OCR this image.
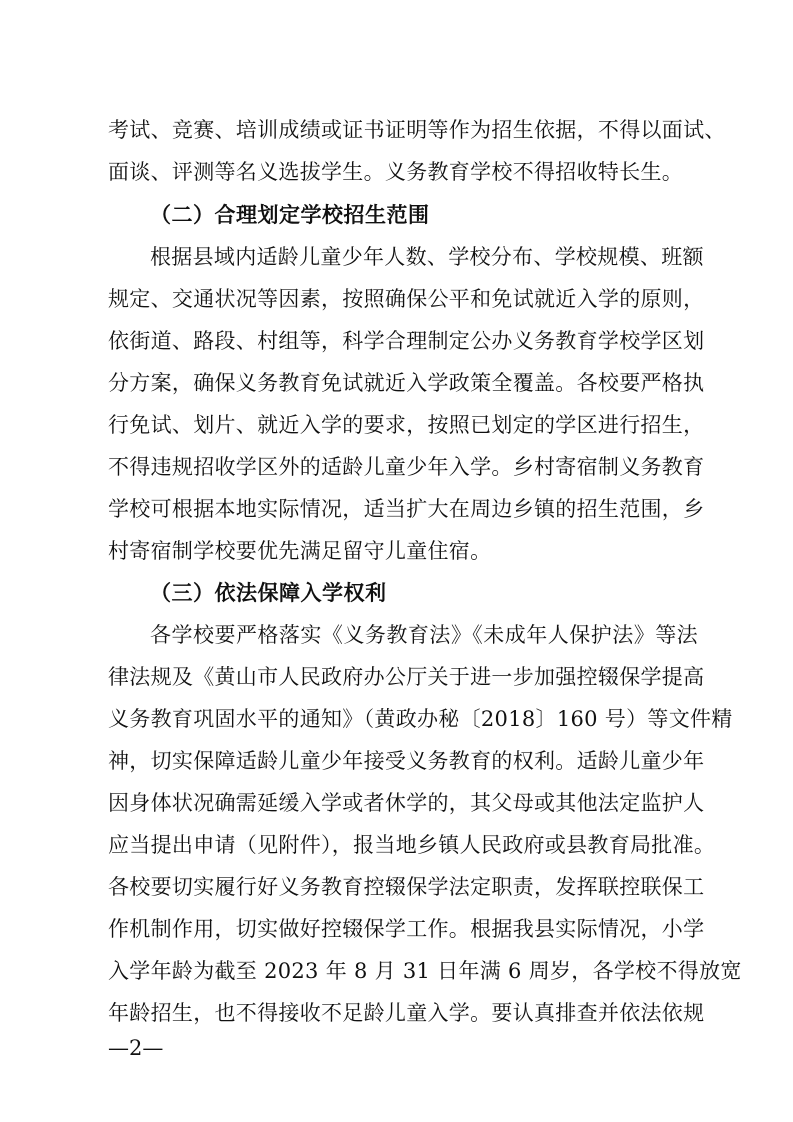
考试、竞赛、培训成绩或证书证明等作为招生依据，不得以面试、
面谈、评测等名义选拔学生。义务教育学校不得招收特长生。
（二）合理划定学校招生范围
根据县域内适龄儿童少年人数、学校分布、学校规模、班额
规定、交通状况等因素，按照确保公平和免试就近入学的原则，
依街道、路段、村组等，科学合理制定公办义务教育学校学区划
分方案，确保义务教育免试就近入学政策全覆盖。各校要严格执
行免试、划片、就近入学的要求，按照已划定的学区进行招生，
不得违规招收学区外的适龄儿童少年入学。乡村寄宿制义务教育
学校可根据本地实际情况，适当扩大在周边乡镇的招生范围，乡
村寄宿制学校要优先满足留守儿童住宿。
（三）依法保障入学权利
各学校要严格落实《义务教育法》《未成年人保护法》等法
律法规及《黄山市人民政府办公厅关于进一步加强控辍保学提高
义务教育巩固水平的通知》（黄政办秘〔2018〕160 号）等文件精
神，切实保障适龄儿童少年接受义务教育的权利。适龄儿童少年
因身体状况确需延缓入学或者休学的，其父母或其他法定监护人
应当提出申请（见附件），报当地乡镇人民政府或县教育局批准。
各校要切实履行好义务教育控辍保学法定职责，发挥联控联保工
作机制作用，切实做好控辍保学工作。根据我县实际情况，小学
入学年龄为截至 2023 年 8 月 31 日年满 6 周岁，各学校不得放宽
年龄招生，也不得接收不足龄儿童入学。要认真排查并依法依规
—2—
